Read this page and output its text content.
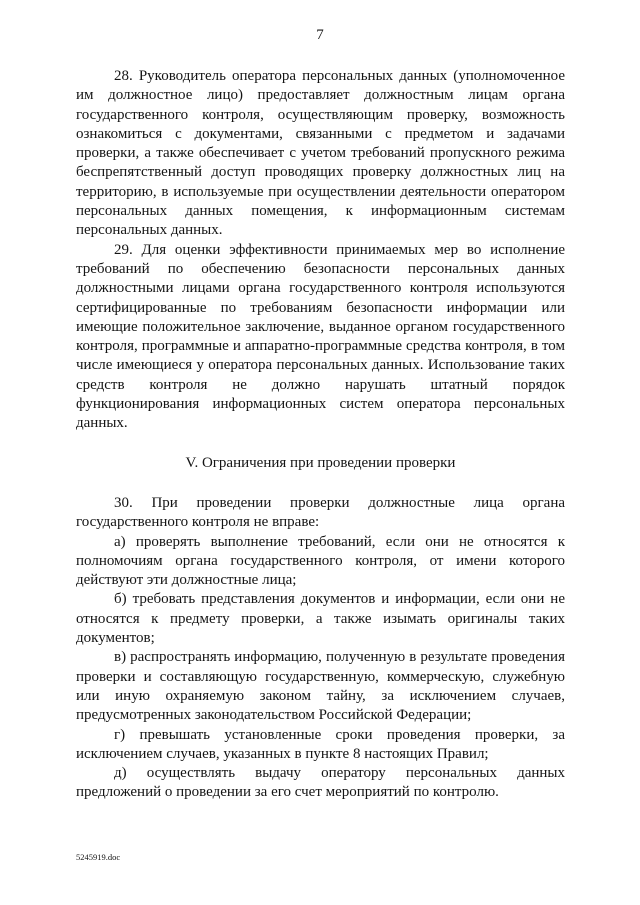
7

28. Руководитель оператора персональных данных (уполномоченное им должностное лицо) предоставляет должностным лицам органа государственного контроля, осуществляющим проверку, возможность ознакомиться с документами, связанными с предметом и задачами проверки, а также обеспечивает с учетом требований пропускного режима беспрепятственный доступ проводящих проверку должностных лиц на территорию, в используемые при осуществлении деятельности оператором персональных данных помещения, к информационным системам персональных данных.

29. Для оценки эффективности принимаемых мер во исполнение требований по обеспечению безопасности персональных данных должностными лицами органа государственного контроля используются сертифицированные по требованиям безопасности информации или имеющие положительное заключение, выданное органом государственного контроля, программные и аппаратно-программные средства контроля, в том числе имеющиеся у оператора персональных данных. Использование таких средств контроля не должно нарушать штатный порядок функционирования информационных систем оператора персональных данных.

V. Ограничения при проведении проверки

30. При проведении проверки должностные лица органа государственного контроля не вправе:

а) проверять выполнение требований, если они не относятся к полномочиям органа государственного контроля, от имени которого действуют эти должностные лица;

б) требовать представления документов и информации, если они не относятся к предмету проверки, а также изымать оригиналы таких документов;

в) распространять информацию, полученную в результате проведения проверки и составляющую государственную, коммерческую, служебную или иную охраняемую законом тайну, за исключением случаев, предусмотренных законодательством Российской Федерации;

г) превышать установленные сроки проведения проверки, за исключением случаев, указанных в пункте 8 настоящих Правил;

д) осуществлять выдачу оператору персональных данных предложений о проведении за его счет мероприятий по контролю.

5245919.doc
